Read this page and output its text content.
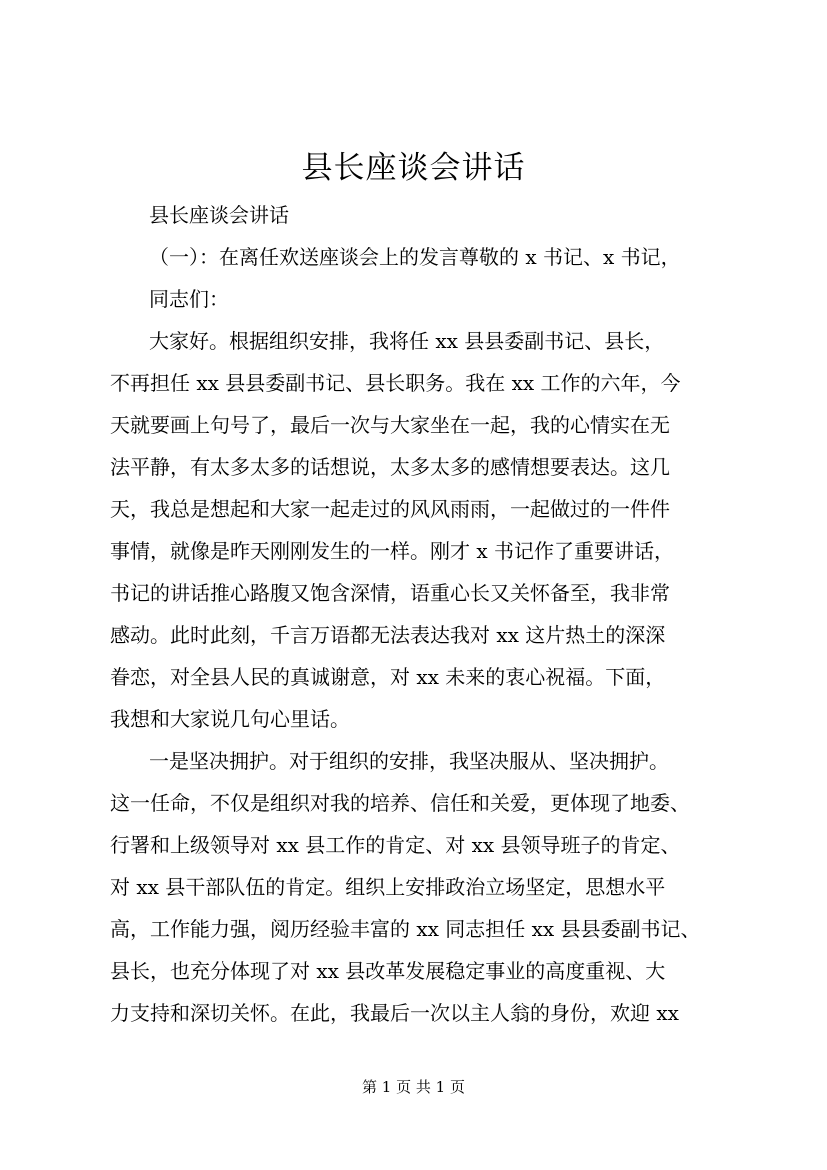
县长座谈会讲话
县长座谈会讲话
（一）：在离任欢送座谈会上的发言尊敬的 x 书记、x 书记，
同志们：
大家好。根据组织安排，我将任 xx 县县委副书记、县长，
不再担任 xx 县县委副书记、县长职务。我在 xx 工作的六年，今
天就要画上句号了，最后一次与大家坐在一起，我的心情实在无
法平静，有太多太多的话想说，太多太多的感情想要表达。这几
天，我总是想起和大家一起走过的风风雨雨，一起做过的一件件
事情，就像是昨天刚刚发生的一样。刚才 x 书记作了重要讲话，
书记的讲话推心路腹又饱含深情，语重心长又关怀备至，我非常
感动。此时此刻，千言万语都无法表达我对 xx 这片热土的深深
眷恋，对全县人民的真诚谢意，对 xx 未来的衷心祝福。下面，
我想和大家说几句心里话。
一是坚决拥护。对于组织的安排，我坚决服从、坚决拥护。
这一任命，不仅是组织对我的培养、信任和关爱，更体现了地委、
行署和上级领导对 xx 县工作的肯定、对 xx 县领导班子的肯定、
对 xx 县干部队伍的肯定。组织上安排政治立场坚定，思想水平
高，工作能力强，阅历经验丰富的 xx 同志担任 xx 县县委副书记、
县长，也充分体现了对 xx 县改革发展稳定事业的高度重视、大
力支持和深切关怀。在此，我最后一次以主人翁的身份，欢迎 xx
第 1 页 共 1 页
